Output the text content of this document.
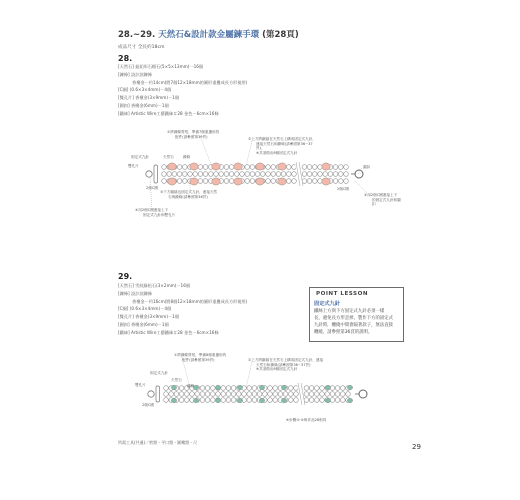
28.~29. 天然石&設計款金屬鍊手環 (第28頁)
成品尺寸 全長約18cm
28.
[天然石] 鈕釦形石榴石(5×5×13mm)一16個
[鍊條] 設計款鍊條
香檳金－約14cm(將7個12×18mm的圓形重疊成長方形使用)
[C圈] (0.6×3×4mm)－4個
[雙孔片] 香檳金(3×9mm)－1個
[圓扣] 香檳金(6mm)－1個
[鐵絲] Artistic Wire工藝鐵絲＃28 金色－6cm×16條
①將鍊條剪短，準備7個重疊形的
配件(請參照第39頁)
②上方將鐵絲在天然石上構成固定式九針，
連接天然石和鍊條(請參照第36~37
頁)，
※共須做出8個固定式九針
固定式九針	天然石	鍊條
雙孔片
2個C圈
③下方鐵絲也固定式九針，連接天然
石與鍊條(請參照第36頁)
④用2個C圈連接上下
固定式九針和雙孔片
圓扣
2個C圈
④用2個C圈連接上下
的固定式九針和圓
扣
29.
[天然石] 雪紋綠松石(3×2mm)－16個
[鍊條] 設計款鍊條
香檳金－約16cm(將8個12×18mm的圓形重疊成長方形使用)
[C圈] (0.6×3×4mm)－4個
[雙孔片] 香檳金(3×9mm)－1個
[圓扣] 香檳金(6mm)－1個
[鐵絲] Artistic Wire工藝鐵絲＃28 金色－6cm×16條
POINT LESSON
固定式九針
鐵絲上方與下方固定式九針必須一樣
長，避免長方形歪掉，製作下方的固定式
九針時，纏繞中間會隔著款子，無法直接
纏繞，請參照第36頁的說明。
①將鍊條剪短，準備8個重疊形的
配件(請參照第39頁)	②上方將鐵絲在天然石上構成固定式九針，連接
天然石和鍊條(請參照第36~37頁)
※共須做出8個固定式九針
固定式九針
天然石
鍊條
雙孔片
2個C圈
※步驟③·④與作品28相同
所需工具(共通)／剪鉗・平口鉗・圓嘴鉗・尺
29
